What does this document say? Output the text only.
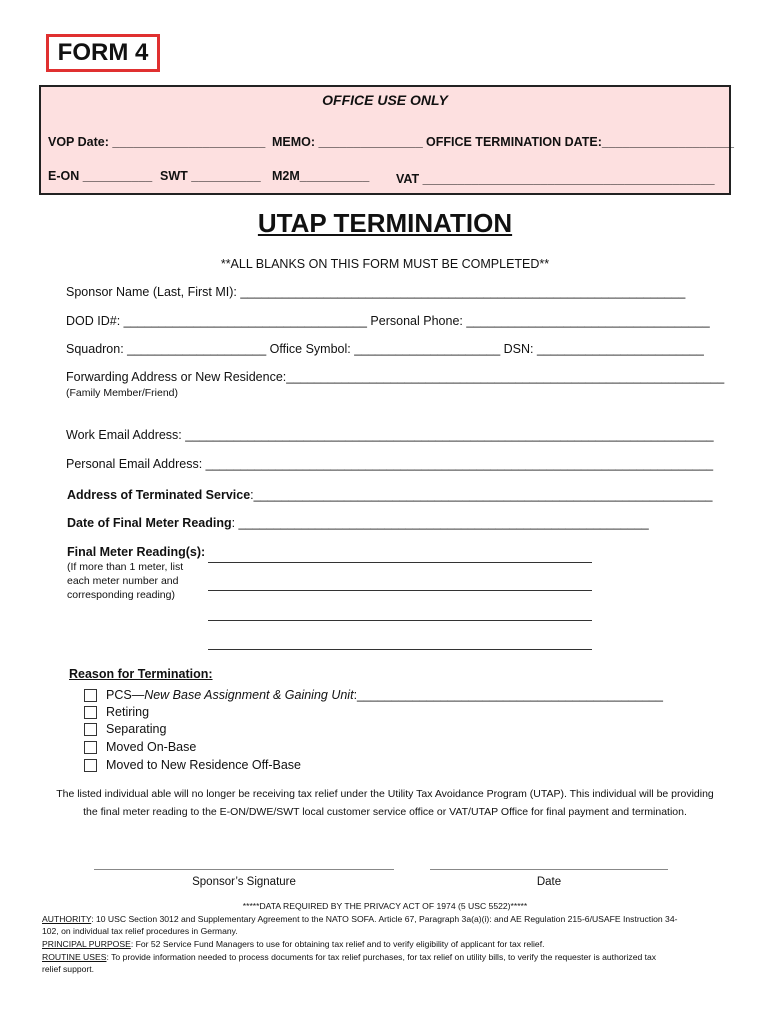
FORM 4
OFFICE USE ONLY
VOP Date: ______________________ MEMO: _______________ OFFICE TERMINATION DATE:___________________
E-ON __________ SWT __________ M2M__________ VAT __________________________________________
UTAP TERMINATION
**ALL BLANKS ON THIS FORM MUST BE COMPLETED**
Sponsor Name (Last, First MI): ________________________________________________________________
DOD ID#: ___________________________________ Personal Phone: ___________________________________
Squadron: ____________________ Office Symbol: _____________________ DSN: ________________________
Forwarding Address or New Residence:_______________________________________________________________
(Family Member/Friend)
Work Email Address: ____________________________________________________________________________
Personal Email Address: _________________________________________________________________________
Address of Terminated Service:__________________________________________________________________
Date of Final Meter Reading: ___________________________________________________________
Final Meter Reading(s):
(If more than 1 meter, list
each meter number and
corresponding reading)
Reason for Termination:
PCS—New Base Assignment & Gaining Unit:____________________________________________
Retiring
Separating
Moved On-Base
Moved to New Residence Off-Base
The listed individual able will no longer be receiving tax relief under the Utility Tax Avoidance Program (UTAP). This individual will be providing
the final meter reading to the E-ON/DWE/SWT local customer service office or VAT/UTAP Office for final payment and termination.
Sponsor’s Signature	Date
*****DATA REQUIRED BY THE PRIVACY ACT OF 1974 (5 USC 5522)*****
AUTHORITY: 10 USC Section 3012 and Supplementary Agreement to the NATO SOFA. Article 67, Paragraph 3a(a)(i): and AE Regulation 215-6/USAFE Instruction 34-
102, on individual tax relief procedures in Germany.
PRINCIPAL PURPOSE: For 52 Service Fund Managers to use for obtaining tax relief and to verify eligibility of applicant for tax relief.
ROUTINE USES: To provide information needed to process documents for tax relief purchases, for tax relief on utility bills, to verify the requester is authorized tax
relief support.
